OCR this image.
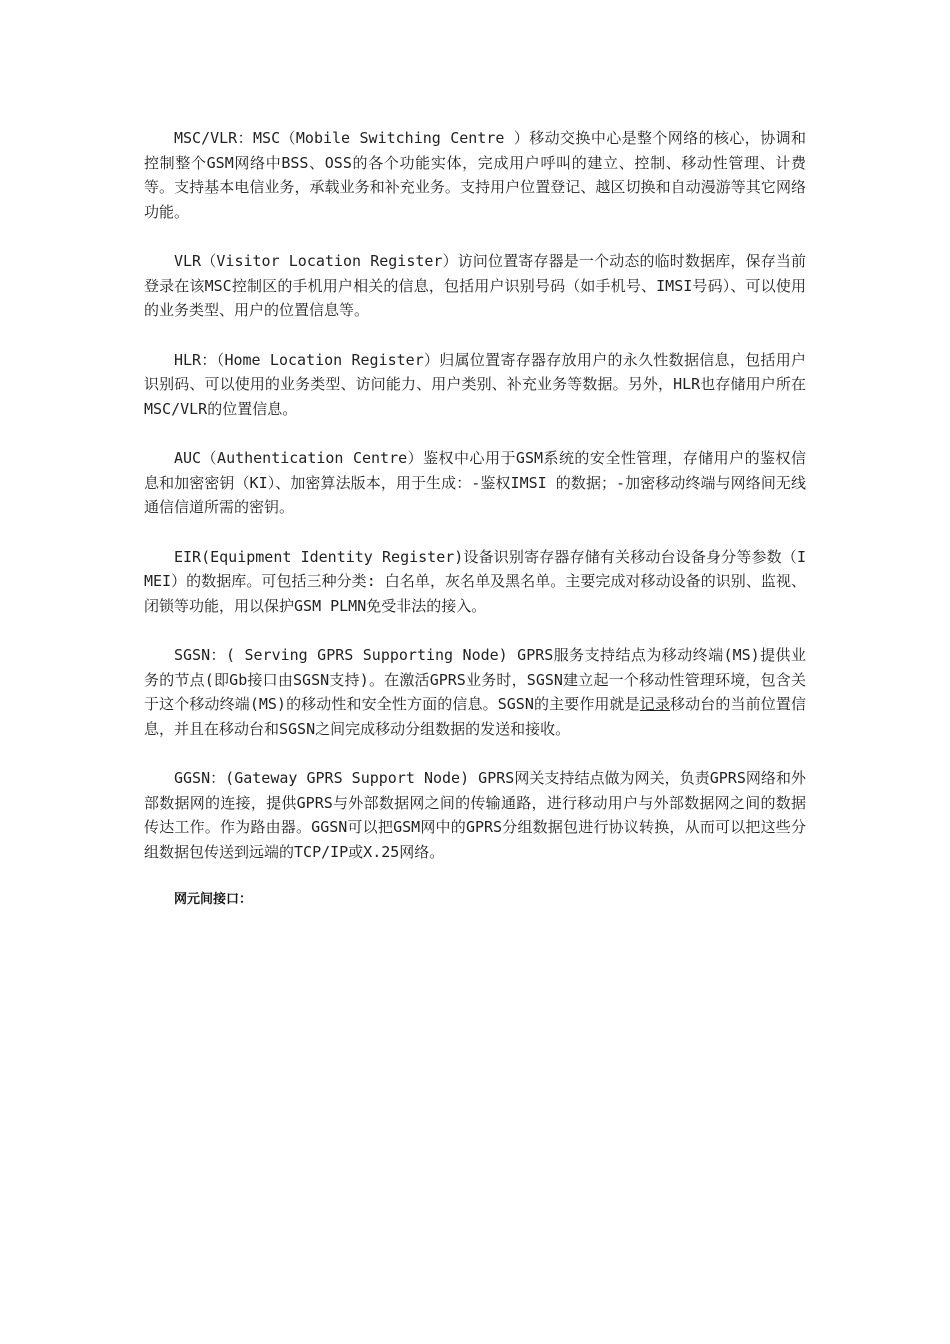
MSC/VLR：MSC（Mobile Switching Centre ）移动交换中心是整个网络的核心，协调和控制整个GSM网络中BSS、OSS的各个功能实体，完成用户呼叫的建立、控制、移动性管理、计费等。支持基本电信业务，承载业务和补充业务。支持用户位置登记、越区切换和自动漫游等其它网络功能。

VLR（Visitor Location Register）访问位置寄存器是一个动态的临时数据库，保存当前登录在该MSC控制区的手机用户相关的信息，包括用户识别号码（如手机号、IMSI号码）、可以使用的业务类型、用户的位置信息等。

HLR：（Home Location Register）归属位置寄存器存放用户的永久性数据信息，包括用户识别码、可以使用的业务类型、访问能力、用户类别、补充业务等数据。另外，HLR也存储用户所在MSC/VLR的位置信息。

AUC（Authentication Centre）鉴权中心用于GSM系统的安全性管理，存储用户的鉴权信息和加密密钥（KI）、加密算法版本，用于生成：-鉴权IMSI 的数据；-加密移动终端与网络间无线通信信道所需的密钥。

EIR(Equipment Identity Register)设备识别寄存器存储有关移动台设备身分等参数（IMEI）的数据库。可包括三种分类: 白名单，灰名单及黑名单。主要完成对移动设备的识别、监视、闭锁等功能，用以保护GSM PLMN免受非法的接入。

SGSN：( Serving GPRS Supporting Node) GPRS服务支持结点为移动终端(MS)提供业务的节点(即Gb接口由SGSN支持)。在激活GPRS业务时，SGSN建立起一个移动性管理环境，包含关于这个移动终端(MS)的移动性和安全性方面的信息。SGSN的主要作用就是记录移动台的当前位置信息，并且在移动台和SGSN之间完成移动分组数据的发送和接收。

GGSN：(Gateway GPRS Support Node) GPRS网关支持结点做为网关，负责GPRS网络和外部数据网的连接，提供GPRS与外部数据网之间的传输通路，进行移动用户与外部数据网之间的数据传达工作。作为路由器。GGSN可以把GSM网中的GPRS分组数据包进行协议转换，从而可以把这些分组数据包传送到远端的TCP/IP或X.25网络。

网元间接口：
